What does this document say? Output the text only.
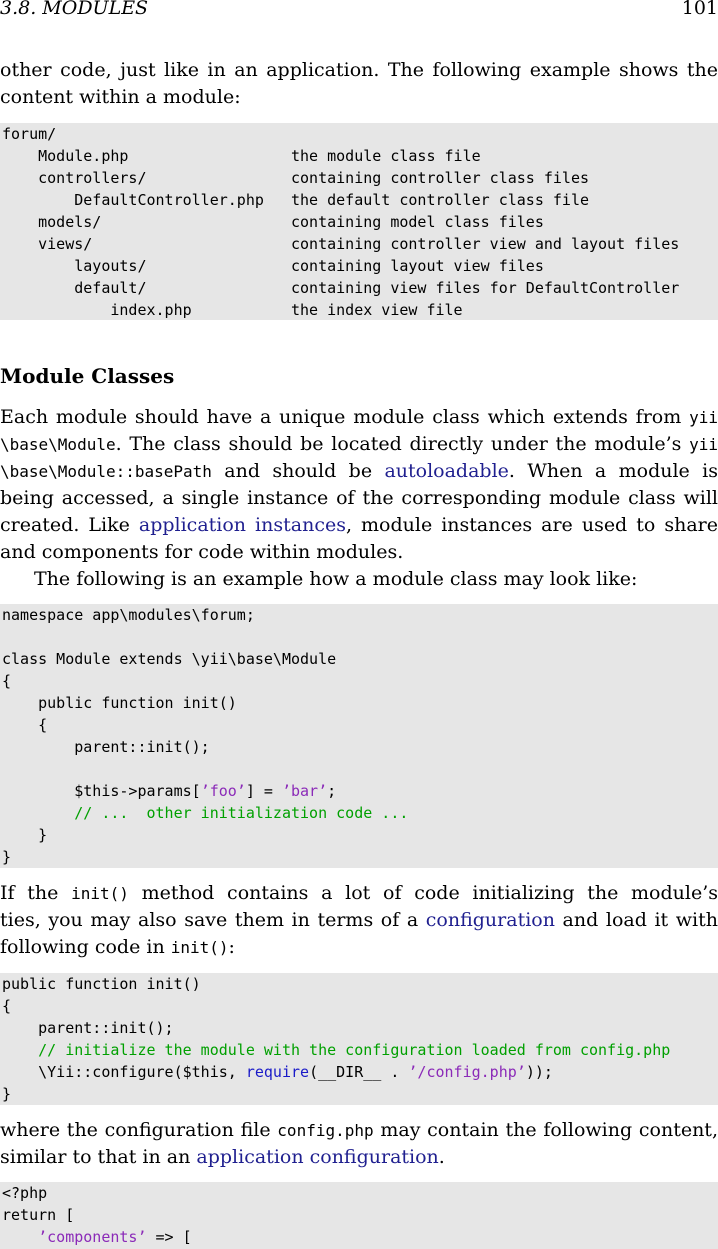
3.8. MODULES	101
other code, just like in an application. The following example shows the
content within a module:
forum/
Module.php                  the module class file
controllers/                containing controller class files
DefaultController.php   the default controller class file
models/                     containing model class files
views/                      containing controller view and layout files
layouts/                containing layout view files
default/                containing view files for DefaultController
index.php           the index view file
Module Classes
Each module should have a unique module class which extends from yii
\base\Module. The class should be located directly under the module’s yii
\base\Module::basePath and should be autoloadable. When a module is
being accessed, a single instance of the corresponding module class will
created. Like application instances, module instances are used to share
and components for code within modules.
The following is an example how a module class may look like:
namespace app\modules\forum;
class Module extends \yii\base\Module
{
public function init()
{
parent::init();
$this->params[’foo’] = ’bar’;
// ...  other initialization code ...
}
}
If the init() method contains a lot of code initializing the module’s
ties, you may also save them in terms of a configuration and load it with
following code in init():
public function init()
{
parent::init();
// initialize the module with the configuration loaded from config.php
\Yii::configure($this, require(__DIR__ . ’/config.php’));
}
where the configuration file config.php may contain the following content,
similar to that in an application configuration.
<?php
return [
’components’ => [
